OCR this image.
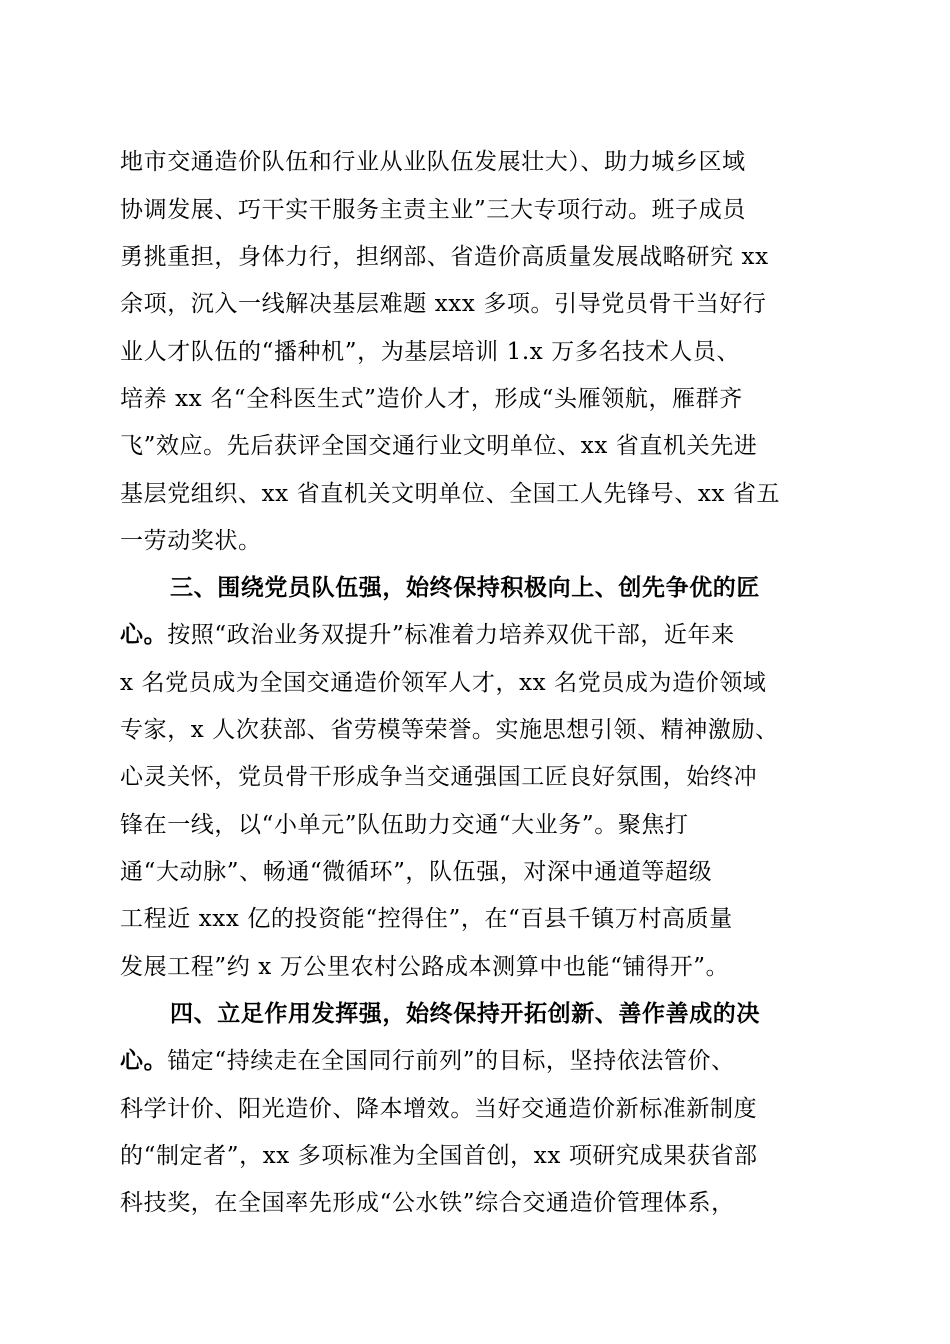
地市交通造价队伍和行业从业队伍发展壮大）、助力城乡区域
协调发展、巧干实干服务主责主业”三大专项行动。班子成员
勇挑重担，身体力行，担纲部、省造价高质量发展战略研究 xx
余项，沉入一线解决基层难题 xxx 多项。引导党员骨干当好行
业人才队伍的“播种机”，为基层培训 1.x 万多名技术人员、
培养 xx 名“全科医生式”造价人才，形成“头雁领航，雁群齐
飞”效应。先后获评全国交通行业文明单位、xx 省直机关先进
基层党组织、xx 省直机关文明单位、全国工人先锋号、xx 省五
一劳动奖状。
三、围绕党员队伍强，始终保持积极向上、创先争优的匠
心。按照“政治业务双提升”标准着力培养双优干部，近年来
x 名党员成为全国交通造价领军人才，xx 名党员成为造价领域
专家，x 人次获部、省劳模等荣誉。实施思想引领、精神激励、
心灵关怀，党员骨干形成争当交通强国工匠良好氛围，始终冲
锋在一线，以“小单元”队伍助力交通“大业务”。聚焦打
通“大动脉”、畅通“微循环”，队伍强，对深中通道等超级
工程近 xxx 亿的投资能“控得住”，在“百县千镇万村高质量
发展工程”约 x 万公里农村公路成本测算中也能“铺得开”。
四、立足作用发挥强，始终保持开拓创新、善作善成的决
心。锚定“持续走在全国同行前列”的目标，坚持依法管价、
科学计价、阳光造价、降本增效。当好交通造价新标准新制度
的“制定者”，xx 多项标准为全国首创，xx 项研究成果获省部
科技奖，在全国率先形成“公水铁”综合交通造价管理体系，
